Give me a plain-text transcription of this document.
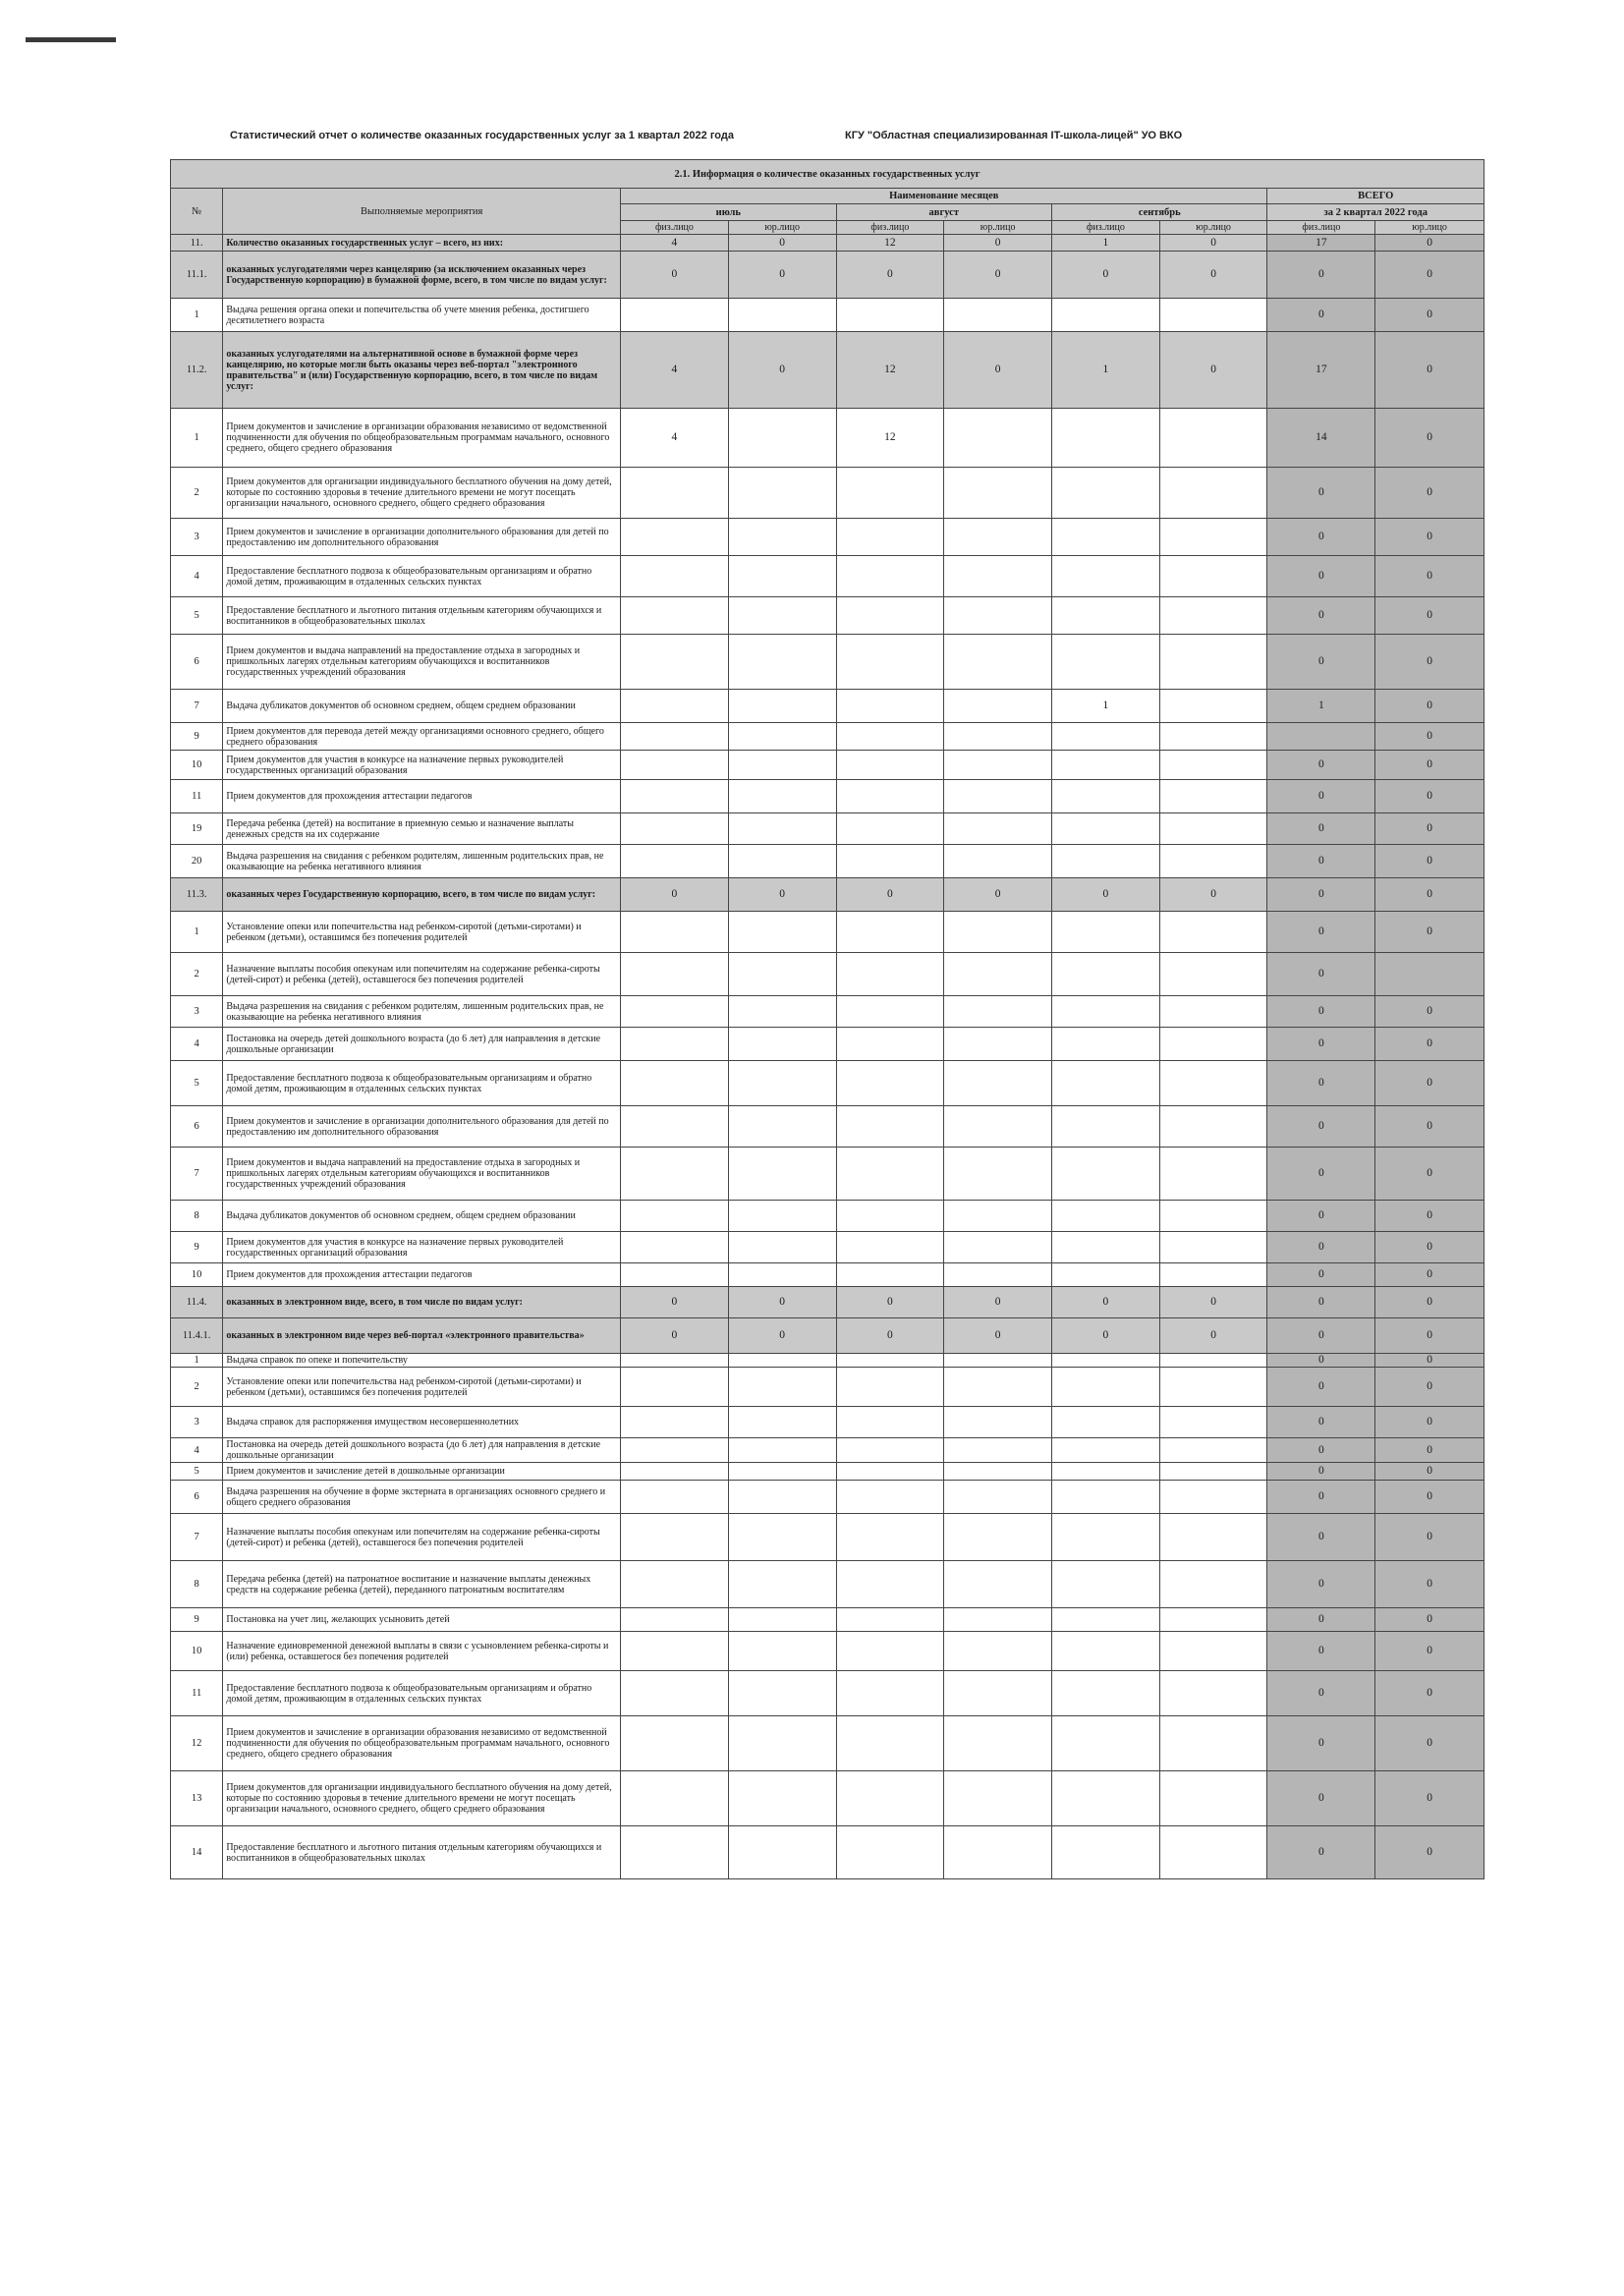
Статистический отчет о количестве оказанных государственных услуг за 1 квартал 2022 года	КГУ "Областная специализированная IT-школа-лицей" УО ВКО
2.1. Информация о количестве оказанных государственных услуг									
№	Выполняемые мероприятия	Наименование месяцев						ВСЕГО	
		июль		август		сентябрь		за 2 квартал 2022 года	
		физ.лицо	юр.лицо	физ.лицо	юр.лицо	физ.лицо	юр.лицо	физ.лицо	юр.лицо

11.	Количество оказанных государственных услуг – всего, из них:	4	0	12	0	1	0	17	0
11.1.	оказанных услугодателями через канцелярию (за исключением оказанных через Государственную корпорацию) в бумажной форме, всего, в том числе по видам услуг:	0	0	0	0	0	0	0	0
1	Выдача решения органа опеки и попечительства об учете мнения ребенка, достигшего десятилетнего возраста							0	0
11.2.	оказанных услугодателями на альтернативной основе в бумажной форме через канцелярию, но которые могли быть оказаны через веб-портал "электронного правительства" и (или) Государственную корпорацию, всего, в том числе по видам услуг:	4	0	12	0	1	0	17	0
1	Прием документов и зачисление в организации образования независимо от ведомственной подчиненности для обучения по общеобразовательным программам начального, основного среднего, общего среднего образования	4		12				14	0
2	Прием документов для организации индивидуального бесплатного обучения на дому детей, которые по состоянию здоровья в течение длительного времени не могут посещать организации начального, основного среднего, общего среднего образования							0	0
3	Прием документов и зачисление в организации дополнительного образования для детей по предоставлению им дополнительного образования							0	0
4	Предоставление бесплатного подвоза к общеобразовательным организациям и обратно домой детям, проживающим в отдаленных сельских пунктах							0	0
5	Предоставление бесплатного и льготного питания отдельным категориям обучающихся и воспитанников в общеобразовательных школах							0	0
6	Прием документов и выдача направлений на предоставление отдыха в загородных и пришкольных лагерях отдельным категориям обучающихся и воспитанников государственных учреждений образования							0	0
7	Выдача дубликатов документов об основном среднем, общем среднем образовании					1		1	0
9	Прием документов для перевода детей между организациями основного среднего, общего среднего образования								0
10	Прием документов для участия в конкурсе на назначение первых руководителей государственных организаций образования							0	0
11	Прием документов для прохождения аттестации педагогов							0	0
19	Передача ребенка (детей) на воспитание в приемную семью и назначение выплаты денежных средств на их содержание							0	0
20	Выдача разрешения на свидания с ребенком родителям, лишенным родительских прав, не оказывающие на ребенка негативного влияния							0	0
11.3.	оказанных через Государственную корпорацию, всего, в том числе по видам услуг:	0	0	0	0	0	0	0	0
1	Установление опеки или попечительства над ребенком-сиротой (детьми-сиротами) и ребенком (детьми), оставшимся без попечения родителей							0	0
2	Назначение выплаты пособия опекунам или попечителям на содержание ребенка-сироты (детей-сирот) и ребенка (детей), оставшегося без попечения родителей							0	
3	Выдача разрешения на свидания с ребенком родителям, лишенным родительских прав, не оказывающие на ребенка негативного влияния							0	0
4	Постановка на очередь детей дошкольного возраста (до 6 лет) для направления в детские дошкольные организации							0	0
5	Предоставление бесплатного подвоза к общеобразовательным организациям и обратно домой детям, проживающим в отдаленных сельских пунктах							0	0
6	Прием документов и зачисление в организации дополнительного образования для детей по предоставлению им дополнительного образования							0	0
7	Прием документов и выдача направлений на предоставление отдыха в загородных и пришкольных лагерях отдельным категориям обучающихся и воспитанников государственных учреждений образования							0	0
8	Выдача дубликатов документов об основном среднем, общем среднем образовании							0	0
9	Прием документов для участия в конкурсе на назначение первых руководителей государственных организаций образования							0	0
10	Прием документов для прохождения аттестации педагогов							0	0
11.4.	оказанных в электронном виде, всего, в том числе по видам услуг:	0	0	0	0	0	0	0	0
11.4.1.	оказанных в электронном виде через веб-портал «электронного правительства»	0	0	0	0	0	0	0	0
1	Выдача справок по опеке и попечительству							0	0
2	Установление опеки или попечительства над ребенком-сиротой (детьми-сиротами) и ребенком (детьми), оставшимся без попечения родителей							0	0
3	Выдача справок для распоряжения имуществом несовершеннолетних							0	0
4	Постановка на очередь детей дошкольного возраста (до 6 лет) для направления в детские дошкольные организации							0	0
5	Прием документов и зачисление детей в дошкольные организации							0	0
6	Выдача разрешения на обучение в форме экстерната в организациях основного среднего и общего среднего образования							0	0
7	Назначение выплаты пособия опекунам или попечителям на содержание ребенка-сироты (детей-сирот) и ребенка (детей), оставшегося без попечения родителей							0	0
8	Передача ребенка (детей) на патронатное воспитание и назначение выплаты денежных средств на содержание ребенка (детей), переданного патронатным воспитателям							0	0
9	Постановка на учет лиц, желающих усыновить детей							0	0
10	Назначение единовременной денежной выплаты в связи с усыновлением ребенка-сироты и (или) ребенка, оставшегося без попечения родителей							0	0
11	Предоставление бесплатного подвоза к общеобразовательным организациям и обратно домой детям, проживающим в отдаленных сельских пунктах							0	0
12	Прием документов и зачисление в организации образования независимо от ведомственной подчиненности для обучения по общеобразовательным программам начального, основного среднего, общего среднего образования							0	0
13	Прием документов для организации индивидуального бесплатного обучения на дому детей, которые по состоянию здоровья в течение длительного времени не могут посещать организации начального, основного среднего, общего среднего образования							0	0
14	Предоставление бесплатного и льготного питания отдельным категориям обучающихся и воспитанников в общеобразовательных школах							0	0
